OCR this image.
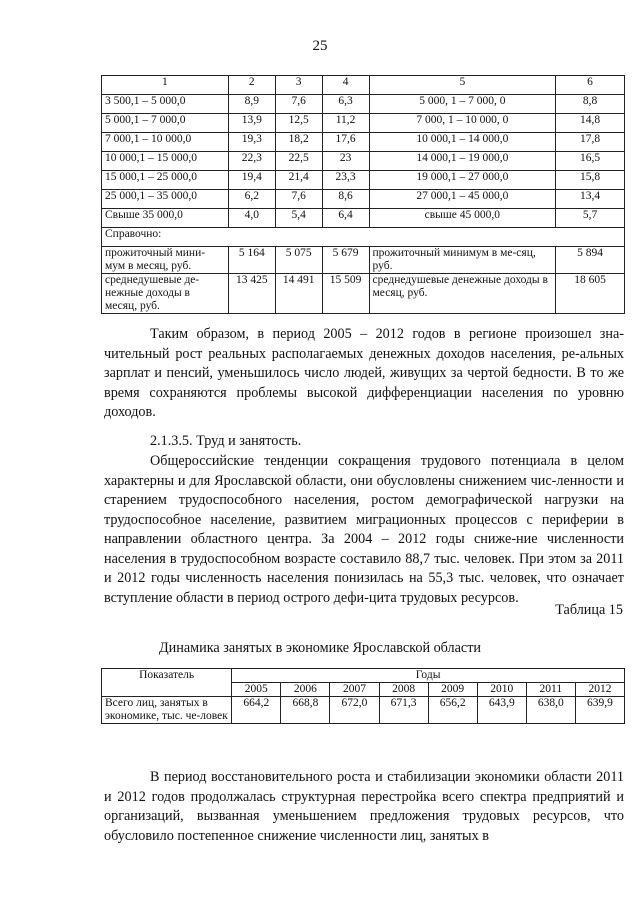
25
1	2	3	4	5	6
3 500,1 – 5 000,0	8,9	7,6	6,3	5 000, 1 – 7 000, 0	8,8
5 000,1 – 7 000,0	13,9	12,5	11,2	7 000, 1 – 10 000, 0	14,8
7 000,1 – 10 000,0	19,3	18,2	17,6	10 000,1 – 14 000,0	17,8
10 000,1 – 15 000,0	22,3	22,5	23	14 000,1 – 19 000,0	16,5
15 000,1 – 25 000,0	19,4	21,4	23,3	19 000,1 – 27 000,0	15,8
25 000,1 – 35 000,0	6,2	7,6	8,6	27 000,1 – 45 000,0	13,4
Свыше 35 000,0	4,0	5,4	6,4	свыше 45 000,0	5,7
Справочно:					
прожиточный мини-мум в месяц, руб.	5 164	5 075	5 679	прожиточный минимум в ме-сяц, руб.	5 894
среднедушевые де-нежные доходы в месяц, руб.	13 425	14 491	15 509	среднедушевые денежные доходы в месяц, руб.	18 605

Таким образом, в период 2005 – 2012 годов в регионе произошел зна-чительный рост реальных располагаемых денежных доходов населения, ре-альных зарплат и пенсий, уменьшилось число людей, живущих за чертой бедности. В то же время сохраняются проблемы высокой дифференциации населения по уровню доходов.

2.1.3.5. Труд и занятость.

Общероссийские тенденции сокращения трудового потенциала в целом характерны и для Ярославской области, они обусловлены снижением чис-ленности и старением трудоспособного населения, ростом демографической нагрузки на трудоспособное население, развитием миграционных процессов с периферии в направлении областного центра. За 2004 – 2012 годы сниже-ние численности населения в трудоспособном возрасте составило 88,7 тыс. человек. При этом за 2011 и 2012 годы численность населения понизилась на 55,3 тыс. человек, что означает вступление области в период острого дефи-цита трудовых ресурсов.

Таблица 15

Динамика занятых в экономике Ярославской области

Показатель	Годы							
	2005	2006	2007	2008	2009	2010	2011	2012
Всего лиц, занятых в экономике, тыс. че-ловек	664,2	668,8	672,0	671,3	656,2	643,9	638,0	639,9

В период восстановительного роста и стабилизации экономики области 2011 и 2012 годов продолжалась структурная перестройка всего спектра предприятий и организаций, вызванная уменьшением предложения трудовых ресурсов, что обусловило постепенное снижение численности лиц, занятых в
